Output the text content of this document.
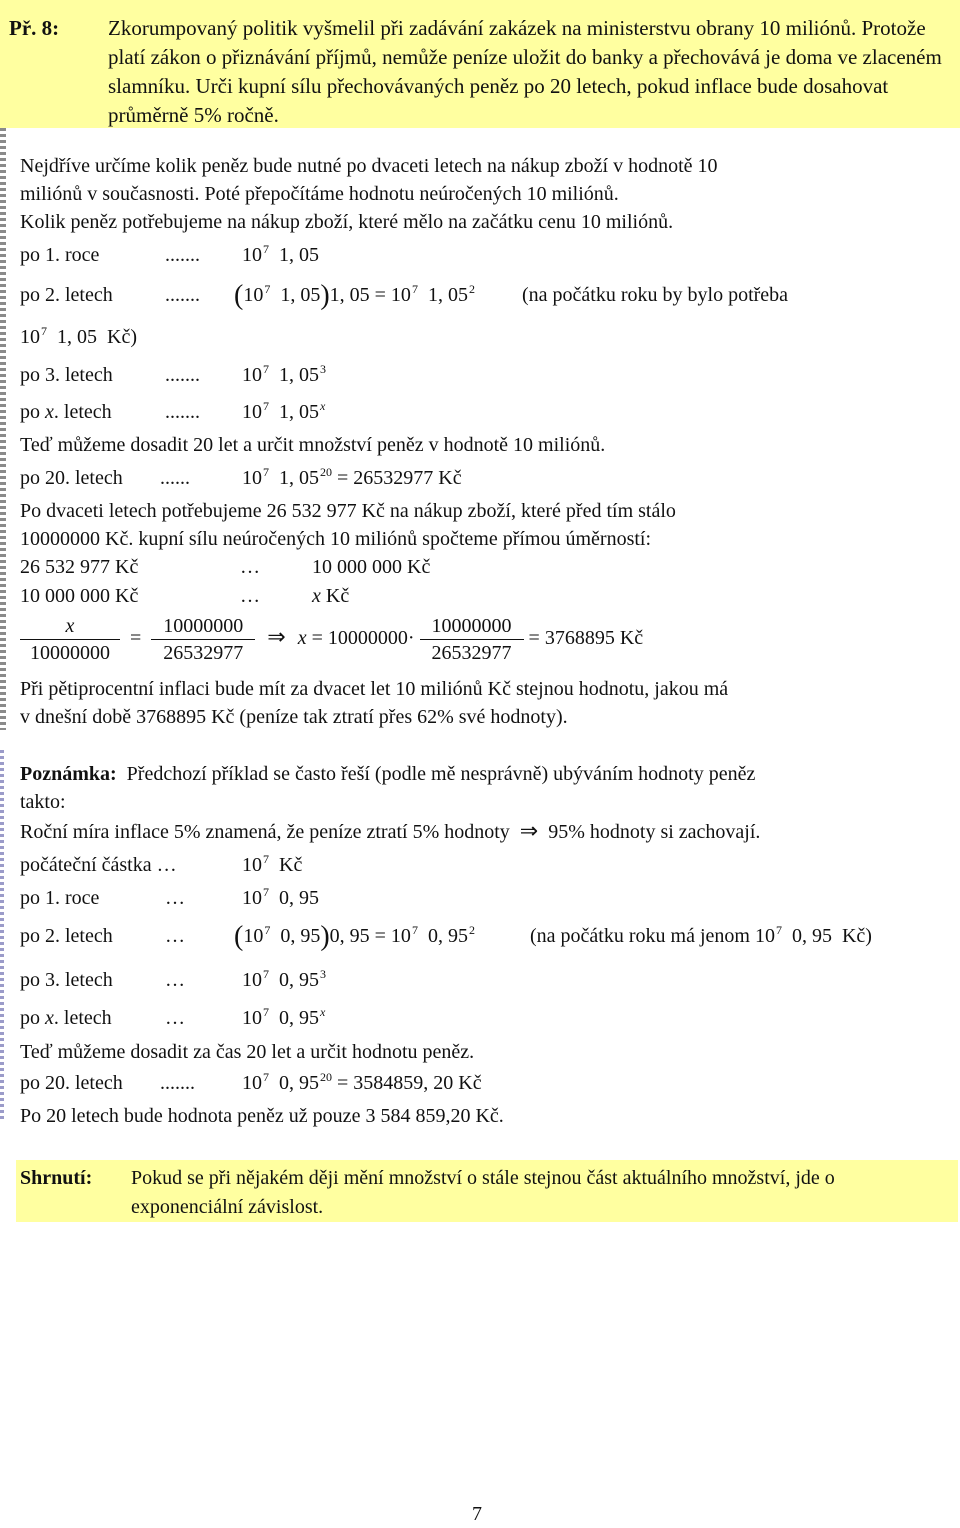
Př. 8: Zkorumpovaný politik vyšmelil při zadávání zakázek na ministerstvu obrany 10 miliónů. Protože platí zákon o přiznávání příjmů, nemůže peníze uložit do banky a přechovává je doma ve zlaceném slamníku. Urči kupní sílu přechovávaných peněz po 20 letech, pokud inflace bude dosahovat průměrně 5% ročně.
Nejdříve určíme kolik peněz bude nutné po dvaceti letech na nákup zboží v hodnotě 10
miliónů v současnosti. Poté přepočítáme hodnotu neúročených 10 miliónů.
Kolik peněz potřebujeme na nákup zboží, které mělo na začátku cenu 10 miliónů.
po 1. roce	....... $10^7$  1, 05
po 2. letech	....... ($10^7$  1, 05)1, $05 = 10^7$  1, $05^2$ (na počátku roku by bylo potřeba
$10^7$  1, 05  Kč)
po 3. letech	....... $10^7$  1, $05^3$
po x. letech	....... $10^7$  1, 05$^x$
Teď můžeme dosadit 20 let a určit množství peněz v hodnotě 10 miliónů.
po 20. letech ......	$10^7$  1, $05^{20} = 26532977$ Kč
Po dvaceti letech potřebujeme 26 532 977 Kč na nákup zboží, které před tím stálo
10000000 Kč. kupní sílu neúročených 10 miliónů spočteme přímou úměrností:
26 532 977 Kč	…	10 000 000 Kč
10 000 000 Kč	…	x Kč
$\frac{x}{10000000} = \frac{10000000}{26532977}$ ⇒  $x = 10000000\cdot \frac{10000000}{26532977} = 3768895$ Kč
Při pětiprocentní inflaci bude mít za dvacet let 10 miliónů Kč stejnou hodnotu, jakou má
v dnešní době 3768895 Kč (peníze tak ztratí přes 62% své hodnoty).
Poznámka: Předchozí příklad se často řeší (podle mě nesprávně) ubýváním hodnoty peněz
takto:
Roční míra inflace 5% znamená, že peníze ztratí 5% hodnoty ⇒ 95% hodnoty si zachovají.
počáteční částka …	$10^7$ Kč
po 1. roce	…	$10^7$  0, 95
po 2. letech	… ($10^7$  0, 95)0, $95 = 10^7$  0, $95^2$	(na počátku roku má jenom $10^7$  0, 95  Kč)
po 3. letech	…	$10^7$  0, $95^3$
po x. letech	…	$10^7$  0, 95$^x$
Teď můžeme dosadit za čas 20 let a určit hodnotu peněz.
po 20. letech ....... $10^7$  0, $95^{20} = 3584859$, 20 Kč
Po 20 letech bude hodnota peněz už pouze 3 584 859,20 Kč.
Shrnutí: Pokud se při nějakém ději mění množství o stále stejnou část aktuálního množství, jde o exponenciální závislost.
7
